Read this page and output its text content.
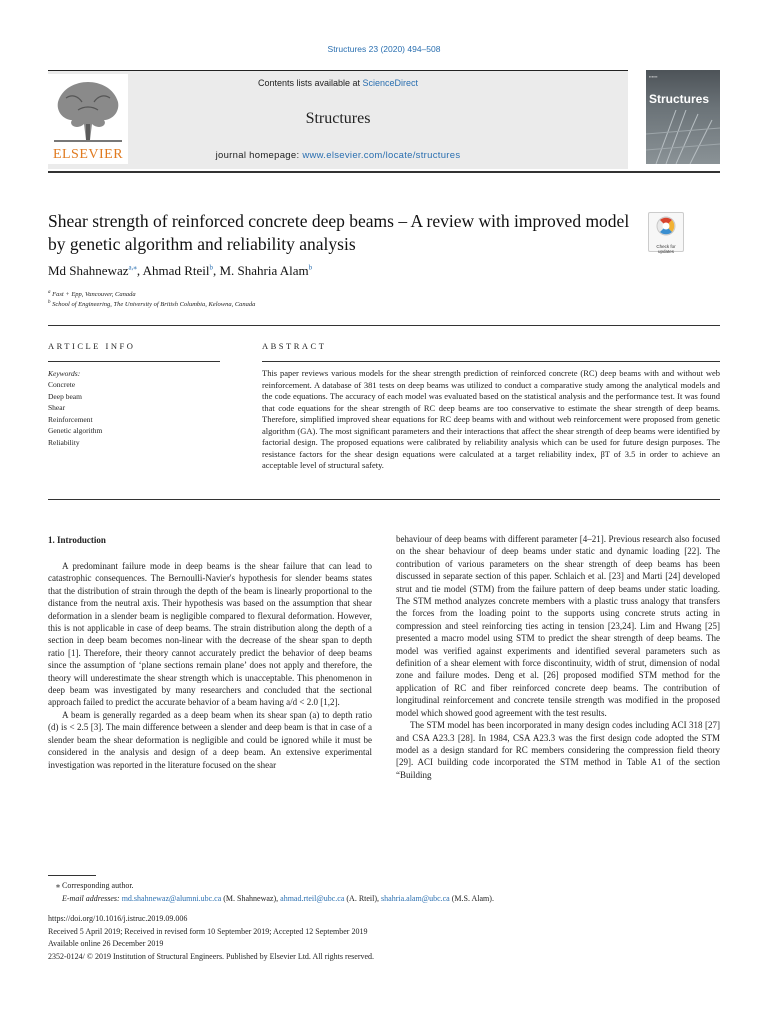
Structures 23 (2020) 494–508
ELSEVIER
Contents lists available at ScienceDirect
Structures
journal homepage: www.elsevier.com/locate/structures
▪▪▪▪▪▪
Structures
Shear strength of reinforced concrete deep beams – A review with improved model by genetic algorithm and reliability analysis	Check for updates
Md Shahnewaz$^{a,⁎}$, Ahmad Rteil$^b$, M. Shahria Alam$^b$
$^a$ Fast + Epp, Vancouver, Canada
$^b$ School of Engineering, The University of British Columbia, Kelowna, Canada
ARTICLE INFO	ABSTRACT
Keywords:
Concrete
Deep beam
Shear
Reinforcement
Genetic algorithm
Reliability
This paper reviews various models for the shear strength prediction of reinforced concrete (RC) deep beams with and without web reinforcement. A database of 381 tests on deep beams was utilized to conduct a comparative study among the analytical models and the code equations. The accuracy of each model was evaluated based on the statistical analysis and the performance test. It was found that code equations for the shear strength of RC deep beams are too conservative to estimate the shear strength of deep beams. Therefore, simplified improved shear equations for RC deep beams with and without web reinforcement were proposed from genetic algorithm (GA). The most significant parameters and their interactions that affect the shear strength of deep beams were identified by factorial design. The proposed equations were calibrated by reliability analysis which can be used for future design purposes. The resistance factors for the shear design equations were calculated at a target reliability index, βT of 3.5 in order to achieve an acceptable level of structural safety.
1. Introduction

A predominant failure mode in deep beams is the shear failure that can lead to catastrophic consequences. The Bernoulli-Navier's hypothesis for slender beams states that the distribution of strain through the depth of the beam is linearly proportional to the distance from the neutral axis. Their hypothesis was based on the assumption that shear deformation in a slender beam is negligible compared to flexural deformation. However, this is not applicable in case of deep beams. The strain distribution along the depth of a section in deep beam becomes non-linear with the decrease of the shear span to depth ratio [1]. Therefore, their theory cannot accurately predict the behavior of deep beams since the assumption of ‘plane sections remain plane’ does not apply and therefore, the theory will underestimate the shear strength which is unacceptable. This phenomenon in deep beam was investigated by many researchers and concluded that the sectional approach failed to predict the accurate behavior of a beam having a/d < 2.0 [1,2].

A beam is generally regarded as a deep beam when its shear span (a) to depth ratio (d) is < 2.5 [3]. The main difference between a slender and deep beam is that in case of a slender beam the shear deformation is negligible and could be ignored while it must be considered in the analysis and design of a deep beam. An extensive experimental investigation was reported in the literature focused on the shear

behaviour of deep beams with different parameter [4–21]. Previous research also focused on the shear behaviour of deep beams under static and dynamic loading [22]. The contribution of various parameters on the shear strength of deep beams has been discussed in separate section of this paper. Schlaich et al. [23] and Marti [24] developed strut and tie model (STM) from the failure pattern of deep beams under static loading. The STM method analyzes concrete members with a plastic truss analogy that transfers the forces from the loading point to the supports using concrete struts acting in compression and steel reinforcing ties acting in tension [23,24]. Lim and Hwang [25] presented a macro model using STM to predict the shear strength of deep beams. The model was verified against experiments and identified several parameters such as definition of a shear element with force discontinuity, width of strut, dimension of nodal zone and failure modes. Deng et al. [26] proposed modified STM method for the application of RC and fiber reinforced concrete deep beams. The contribution of longitudinal reinforcement and concrete tensile strength was modified in the proposed model which showed good agreement with the test results.

The STM model has been incorporated in many design codes including ACI 318 [27] and CSA A23.3 [28]. In 1984, CSA A23.3 was the first design code adopted the STM model as a design standard for RC members considering the compression field theory [29]. ACI building code incorporated the STM method in Table A1 of the section “Building

⁎ Corresponding author.
E-mail addresses: md.shahnewaz@alumni.ubc.ca (M. Shahnewaz), ahmad.rteil@ubc.ca (A. Rteil), shahria.alam@ubc.ca (M.S. Alam).
https://doi.org/10.1016/j.istruc.2019.09.006
Received 5 April 2019; Received in revised form 10 September 2019; Accepted 12 September 2019
Available online 26 December 2019
2352-0124/ © 2019 Institution of Structural Engineers. Published by Elsevier Ltd. All rights reserved.
